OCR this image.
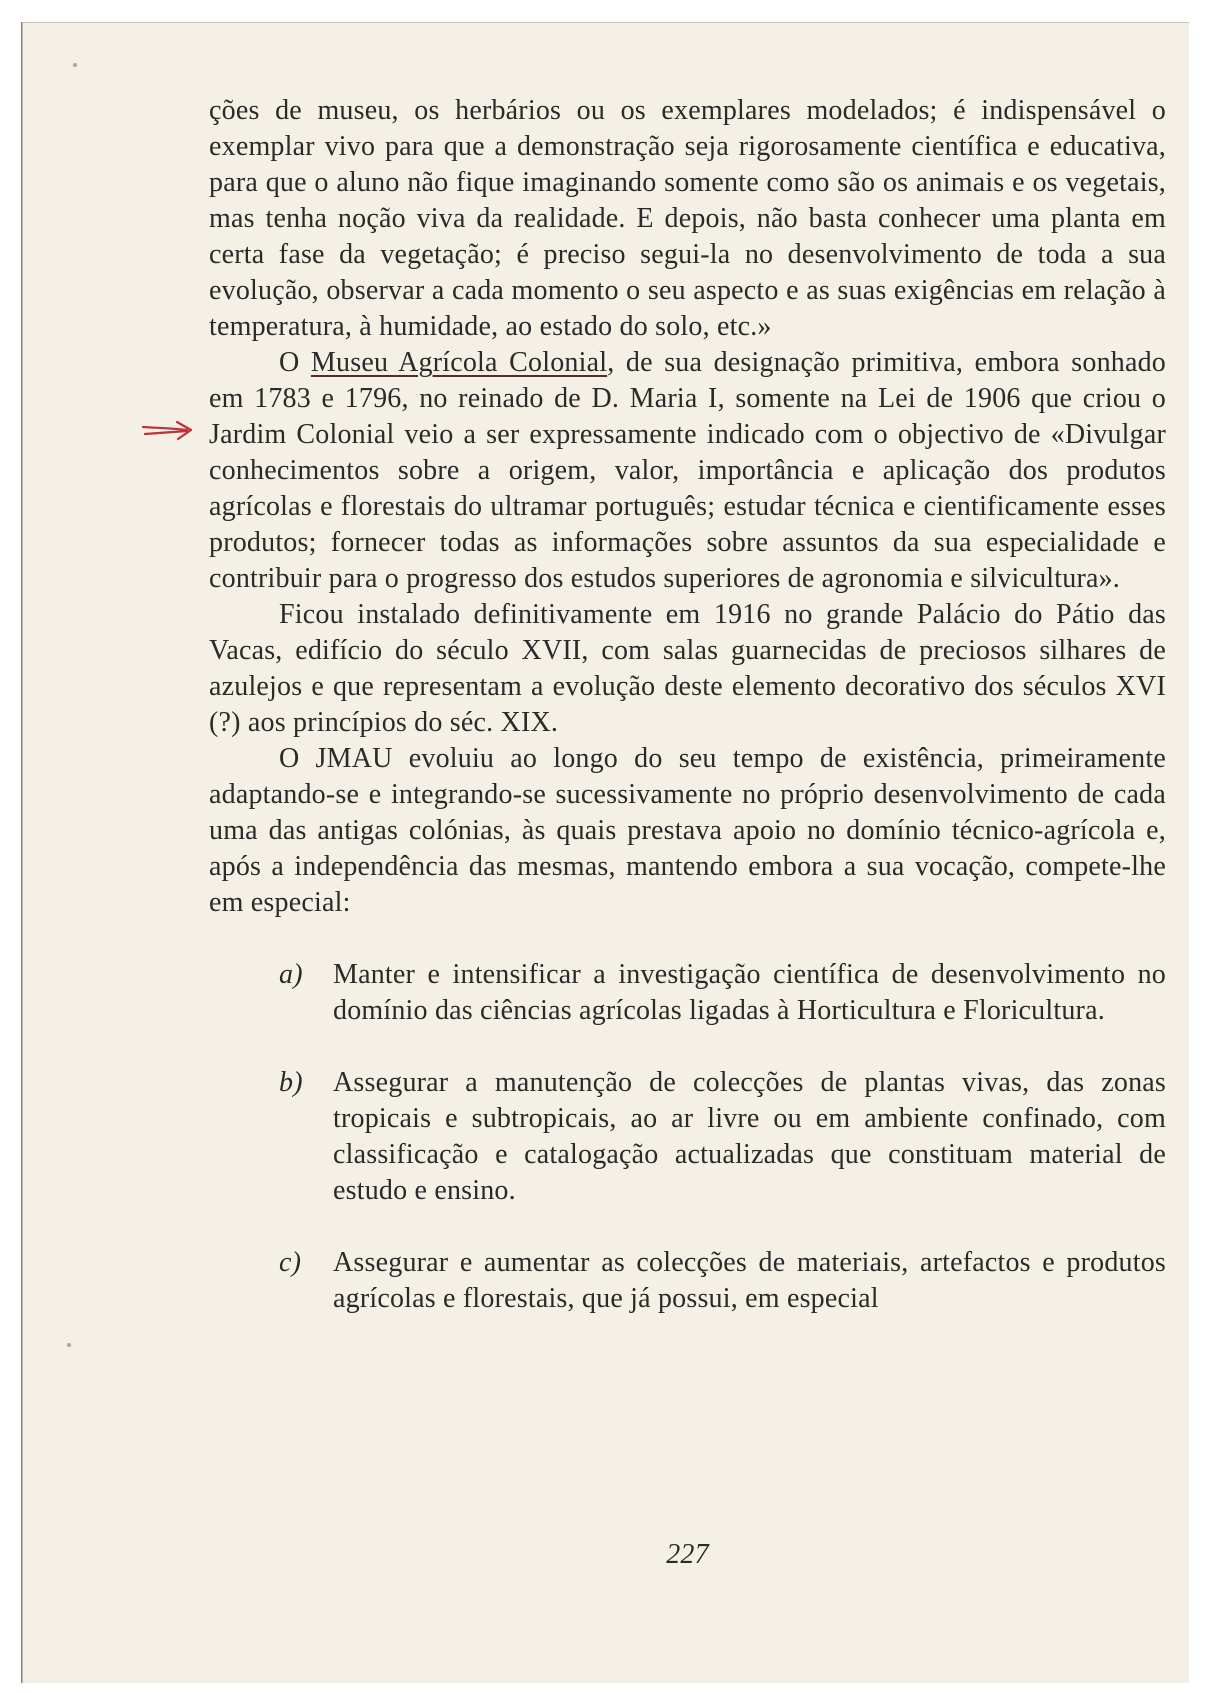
ções de museu, os herbários ou os exemplares modelados; é indispensável o exemplar vivo para que a demonstração seja rigorosamente científica e educativa, para que o aluno não fique imaginando somente como são os animais e os vegetais, mas tenha noção viva da realidade. E depois, não basta conhecer uma planta em certa fase da vegetação; é preciso segui-la no desenvolvimento de toda a sua evolução, observar a cada momento o seu aspecto e as suas exigências em relação à temperatura, à humidade, ao estado do solo, etc.»

O Museu Agrícola Colonial, de sua designação primitiva, embora sonhado em 1783 e 1796, no reinado de D. Maria I, somente na Lei de 1906 que criou o Jardim Colonial veio a ser expressamente indicado com o objectivo de «Divulgar conhecimentos sobre a origem, valor, importância e aplicação dos produtos agrícolas e florestais do ultramar português; estudar técnica e cientificamente esses produtos; fornecer todas as informações sobre assuntos da sua especialidade e contribuir para o progresso dos estudos superiores de agronomia e silvicultura».

Ficou instalado definitivamente em 1916 no grande Palácio do Pátio das Vacas, edifício do século XVII, com salas guarnecidas de preciosos silhares de azulejos e que representam a evolução deste elemento decorativo dos séculos XVI (?) aos princípios do séc. XIX.

O JMAU evoluiu ao longo do seu tempo de existência, primeiramente adaptando-se e integrando-se sucessivamente no próprio desenvolvimento de cada uma das antigas colónias, às quais prestava apoio no domínio técnico-agrícola e, após a independência das mesmas, mantendo embora a sua vocação, compete-lhe em especial:

a) Manter e intensificar a investigação científica de desenvolvimento no domínio das ciências agrícolas ligadas à Horticultura e Floricultura.

b) Assegurar a manutenção de colecções de plantas vivas, das zonas tropicais e subtropicais, ao ar livre ou em ambiente confinado, com classificação e catalogação actualizadas que constituam material de estudo e ensino.

c) Assegurar e aumentar as colecções de materiais, artefactos e produtos agrícolas e florestais, que já possui, em especial

227
